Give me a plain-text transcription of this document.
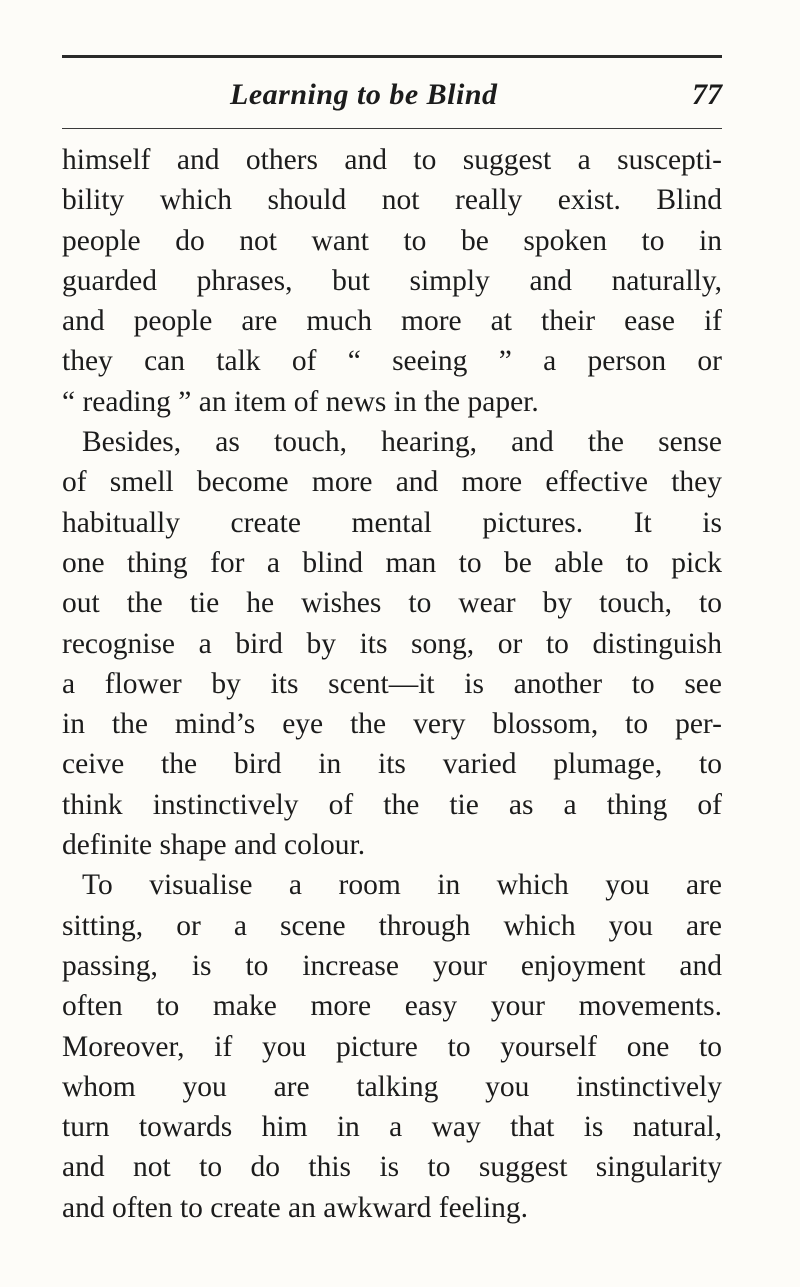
Learning to be Blind	77
himself and others and to suggest a suscepti-
bility which should not really exist. Blind
people do not want to be spoken to in
guarded phrases, but simply and naturally,
and people are much more at their ease if
they can talk of “ seeing ” a person or
“ reading ” an item of news in the paper.
Besides, as touch, hearing, and the sense
of smell become more and more effective they
habitually create mental pictures. It is
one thing for a blind man to be able to pick
out the tie he wishes to wear by touch, to
recognise a bird by its song, or to distinguish
a flower by its scent—it is another to see
in the mind’s eye the very blossom, to per-
ceive the bird in its varied plumage, to
think instinctively of the tie as a thing of
definite shape and colour.
To visualise a room in which you are
sitting, or a scene through which you are
passing, is to increase your enjoyment and
often to make more easy your movements.
Moreover, if you picture to yourself one to
whom you are talking you instinctively
turn towards him in a way that is natural,
and not to do this is to suggest singularity
and often to create an awkward feeling.
